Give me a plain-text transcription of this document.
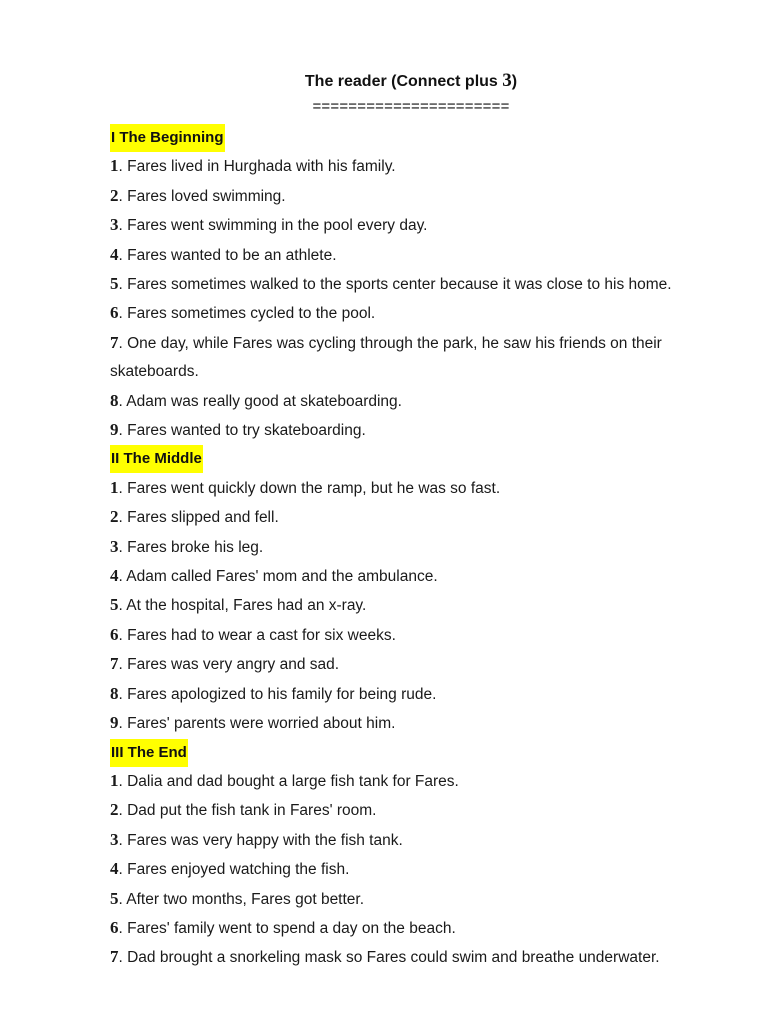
The reader (Connect plus 3)
======================
I The Beginning
1. Fares lived in Hurghada with his family.
2. Fares loved swimming.
3. Fares went swimming in the pool every day.
4. Fares wanted to be an athlete.
5. Fares sometimes walked to the sports center because it was close to his home.
6. Fares sometimes cycled to the pool.
7. One day, while Fares was cycling through the park, he saw his friends on their skateboards.
8. Adam was really good at skateboarding.
9. Fares wanted to try skateboarding.
II The Middle
1. Fares went quickly down the ramp, but he was so fast.
2. Fares slipped and fell.
3. Fares broke his leg.
4. Adam called Fares' mom and the ambulance.
5. At the hospital, Fares had an x-ray.
6. Fares had to wear a cast for six weeks.
7. Fares was very angry and sad.
8. Fares apologized to his family for being rude.
9. Fares' parents were worried about him.
III The End
1. Dalia and dad bought a large fish tank for Fares.
2. Dad put the fish tank in Fares' room.
3. Fares was very happy with the fish tank.
4. Fares enjoyed watching the fish.
5. After two months, Fares got better.
6. Fares' family went to spend a day on the beach.
7. Dad brought a snorkeling mask so Fares could swim and breathe underwater.
